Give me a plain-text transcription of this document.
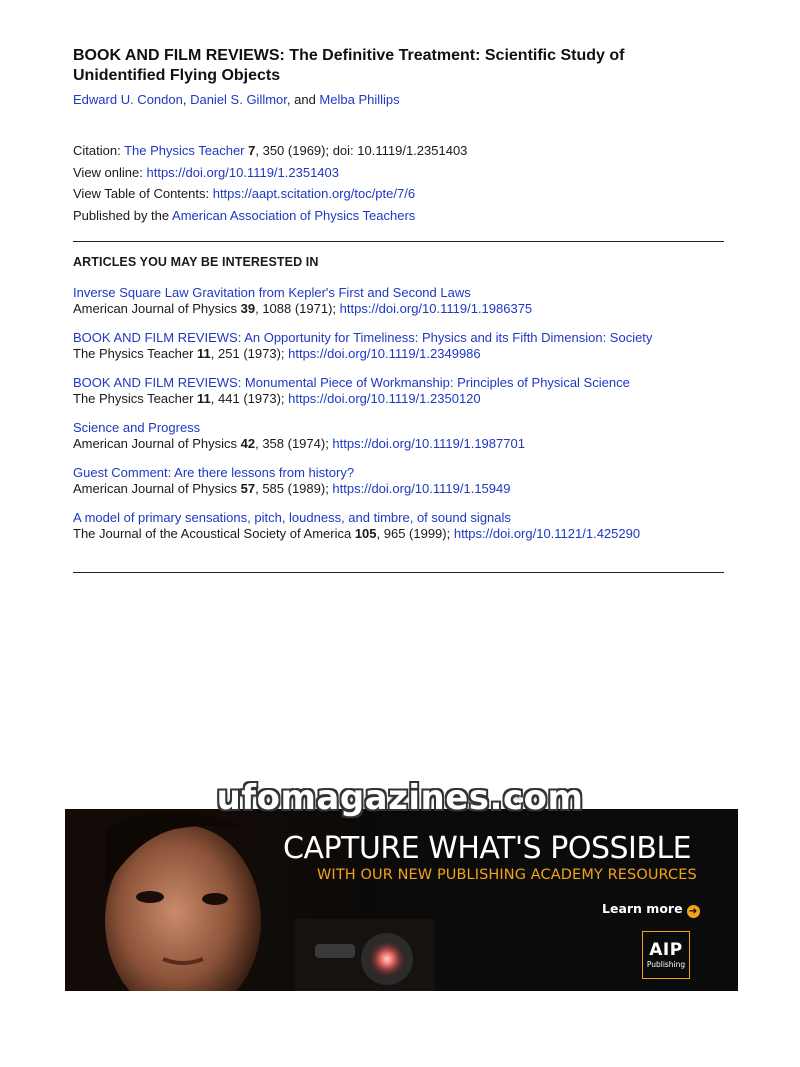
BOOK AND FILM REVIEWS: The Definitive Treatment: Scientific Study of Unidentified Flying Objects
Edward U. Condon, Daniel S. Gillmor, and Melba Phillips
Citation: The Physics Teacher 7, 350 (1969); doi: 10.1119/1.2351403
View online: https://doi.org/10.1119/1.2351403
View Table of Contents: https://aapt.scitation.org/toc/pte/7/6
Published by the American Association of Physics Teachers
ARTICLES YOU MAY BE INTERESTED IN
Inverse Square Law Gravitation from Kepler's First and Second Laws
American Journal of Physics 39, 1088 (1971); https://doi.org/10.1119/1.1986375
BOOK AND FILM REVIEWS: An Opportunity for Timeliness: Physics and its Fifth Dimension: Society
The Physics Teacher 11, 251 (1973); https://doi.org/10.1119/1.2349986
BOOK AND FILM REVIEWS: Monumental Piece of Workmanship: Principles of Physical Science
The Physics Teacher 11, 441 (1973); https://doi.org/10.1119/1.2350120
Science and Progress
American Journal of Physics 42, 358 (1974); https://doi.org/10.1119/1.1987701
Guest Comment: Are there lessons from history?
American Journal of Physics 57, 585 (1989); https://doi.org/10.1119/1.15949
A model of primary sensations, pitch, loudness, and timbre, of sound signals
The Journal of the Acoustical Society of America 105, 965 (1999); https://doi.org/10.1121/1.425290
ufomagazines.com
CAPTURE WHAT'S POSSIBLE
WITH OUR NEW PUBLISHING ACADEMY RESOURCES
Learn more ➔
AIP
Publishing
